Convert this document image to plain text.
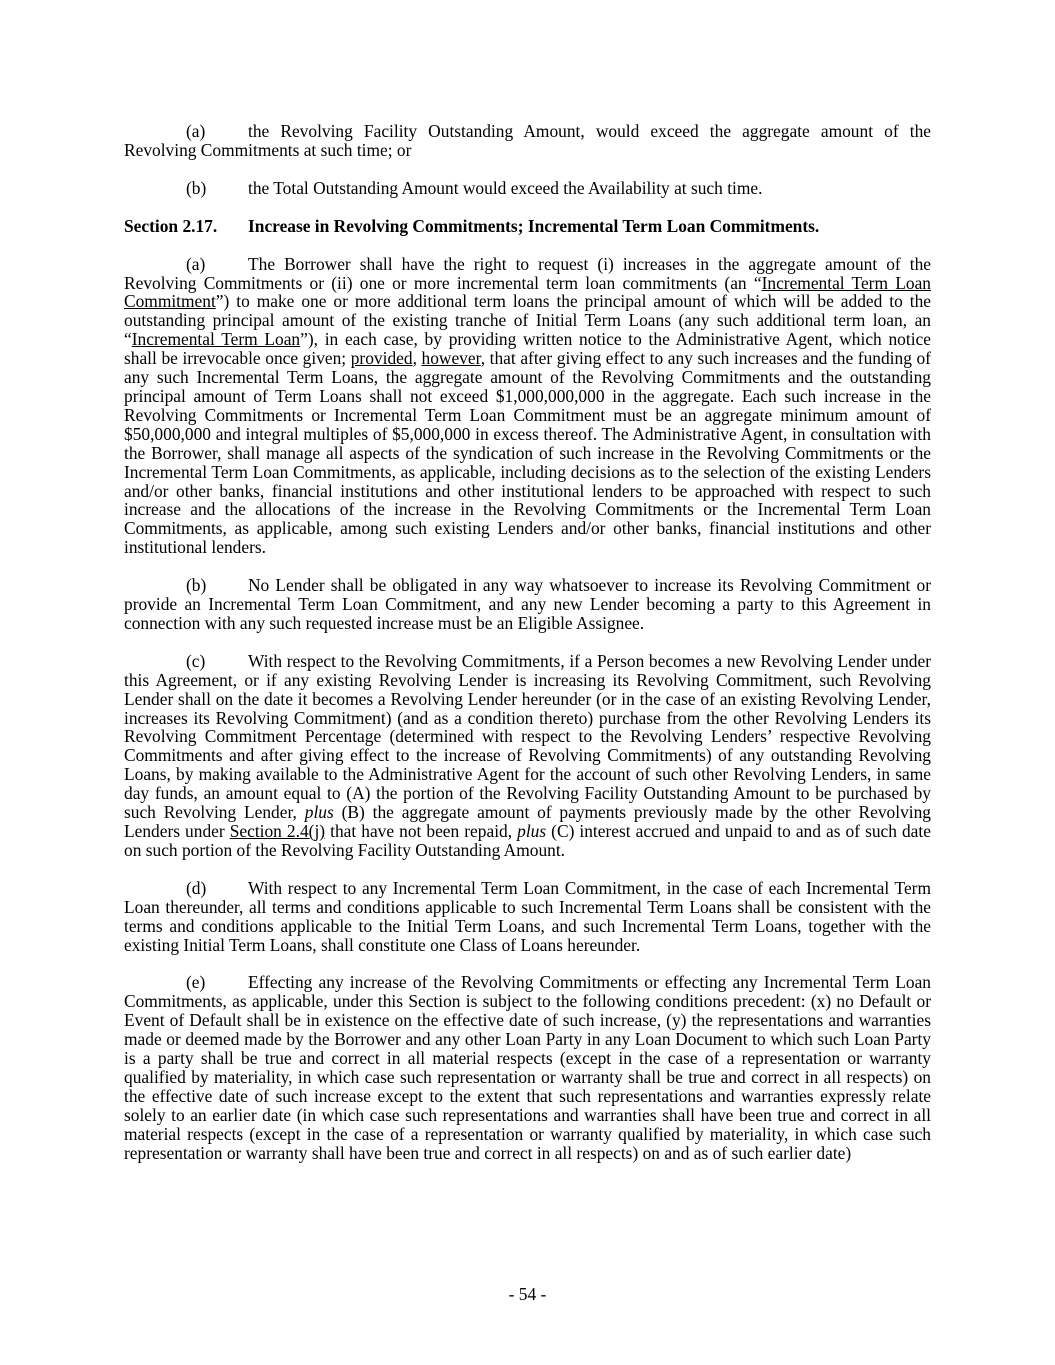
(a) the Revolving Facility Outstanding Amount, would exceed the aggregate amount of the Revolving Commitments at such time; or

(b) the Total Outstanding Amount would exceed the Availability at such time.

Section 2.17. Increase in Revolving Commitments; Incremental Term Loan Commitments.

(a) The Borrower shall have the right to request (i) increases in the aggregate amount of the Revolving Commitments or (ii) one or more incremental term loan commitments (an “Incremental Term Loan Commitment”) to make one or more additional term loans the principal amount of which will be added to the outstanding principal amount of the existing tranche of Initial Term Loans (any such additional term loan, an “Incremental Term Loan”), in each case, by providing written notice to the Administrative Agent, which notice shall be irrevocable once given; provided, however, that after giving effect to any such increases and the funding of any such Incremental Term Loans, the aggregate amount of the Revolving Commitments and the outstanding principal amount of Term Loans shall not exceed $1,000,000,000 in the aggregate. Each such increase in the Revolving Commitments or Incremental Term Loan Commitment must be an aggregate minimum amount of $50,000,000 and integral multiples of $5,000,000 in excess thereof. The Administrative Agent, in consultation with the Borrower, shall manage all aspects of the syndication of such increase in the Revolving Commitments or the Incremental Term Loan Commitments, as applicable, including decisions as to the selection of the existing Lenders and/or other banks, financial institutions and other institutional lenders to be approached with respect to such increase and the allocations of the increase in the Revolving Commitments or the Incremental Term Loan Commitments, as applicable, among such existing Lenders and/or other banks, financial institutions and other institutional lenders.

(b) No Lender shall be obligated in any way whatsoever to increase its Revolving Commitment or provide an Incremental Term Loan Commitment, and any new Lender becoming a party to this Agreement in connection with any such requested increase must be an Eligible Assignee.

(c) With respect to the Revolving Commitments, if a Person becomes a new Revolving Lender under this Agreement, or if any existing Revolving Lender is increasing its Revolving Commitment, such Revolving Lender shall on the date it becomes a Revolving Lender hereunder (or in the case of an existing Revolving Lender, increases its Revolving Commitment) (and as a condition thereto) purchase from the other Revolving Lenders its Revolving Commitment Percentage (determined with respect to the Revolving Lenders’ respective Revolving Commitments and after giving effect to the increase of Revolving Commitments) of any outstanding Revolving Loans, by making available to the Administrative Agent for the account of such other Revolving Lenders, in same day funds, an amount equal to (A) the portion of the Revolving Facility Outstanding Amount to be purchased by such Revolving Lender, plus (B) the aggregate amount of payments previously made by the other Revolving Lenders under Section 2.4(j) that have not been repaid, plus (C) interest accrued and unpaid to and as of such date on such portion of the Revolving Facility Outstanding Amount.

(d) With respect to any Incremental Term Loan Commitment, in the case of each Incremental Term Loan thereunder, all terms and conditions applicable to such Incremental Term Loans shall be consistent with the terms and conditions applicable to the Initial Term Loans, and such Incremental Term Loans, together with the existing Initial Term Loans, shall constitute one Class of Loans hereunder.

(e) Effecting any increase of the Revolving Commitments or effecting any Incremental Term Loan Commitments, as applicable, under this Section is subject to the following conditions precedent: (x) no Default or Event of Default shall be in existence on the effective date of such increase, (y) the representations and warranties made or deemed made by the Borrower and any other Loan Party in any Loan Document to which such Loan Party is a party shall be true and correct in all material respects (except in the case of a representation or warranty qualified by materiality, in which case such representation or warranty shall be true and correct in all respects) on the effective date of such increase except to the extent that such representations and warranties expressly relate solely to an earlier date (in which case such representations and warranties shall have been true and correct in all material respects (except in the case of a representation or warranty qualified by materiality, in which case such representation or warranty shall have been true and correct in all respects) on and as of such earlier date)

- 54 -
